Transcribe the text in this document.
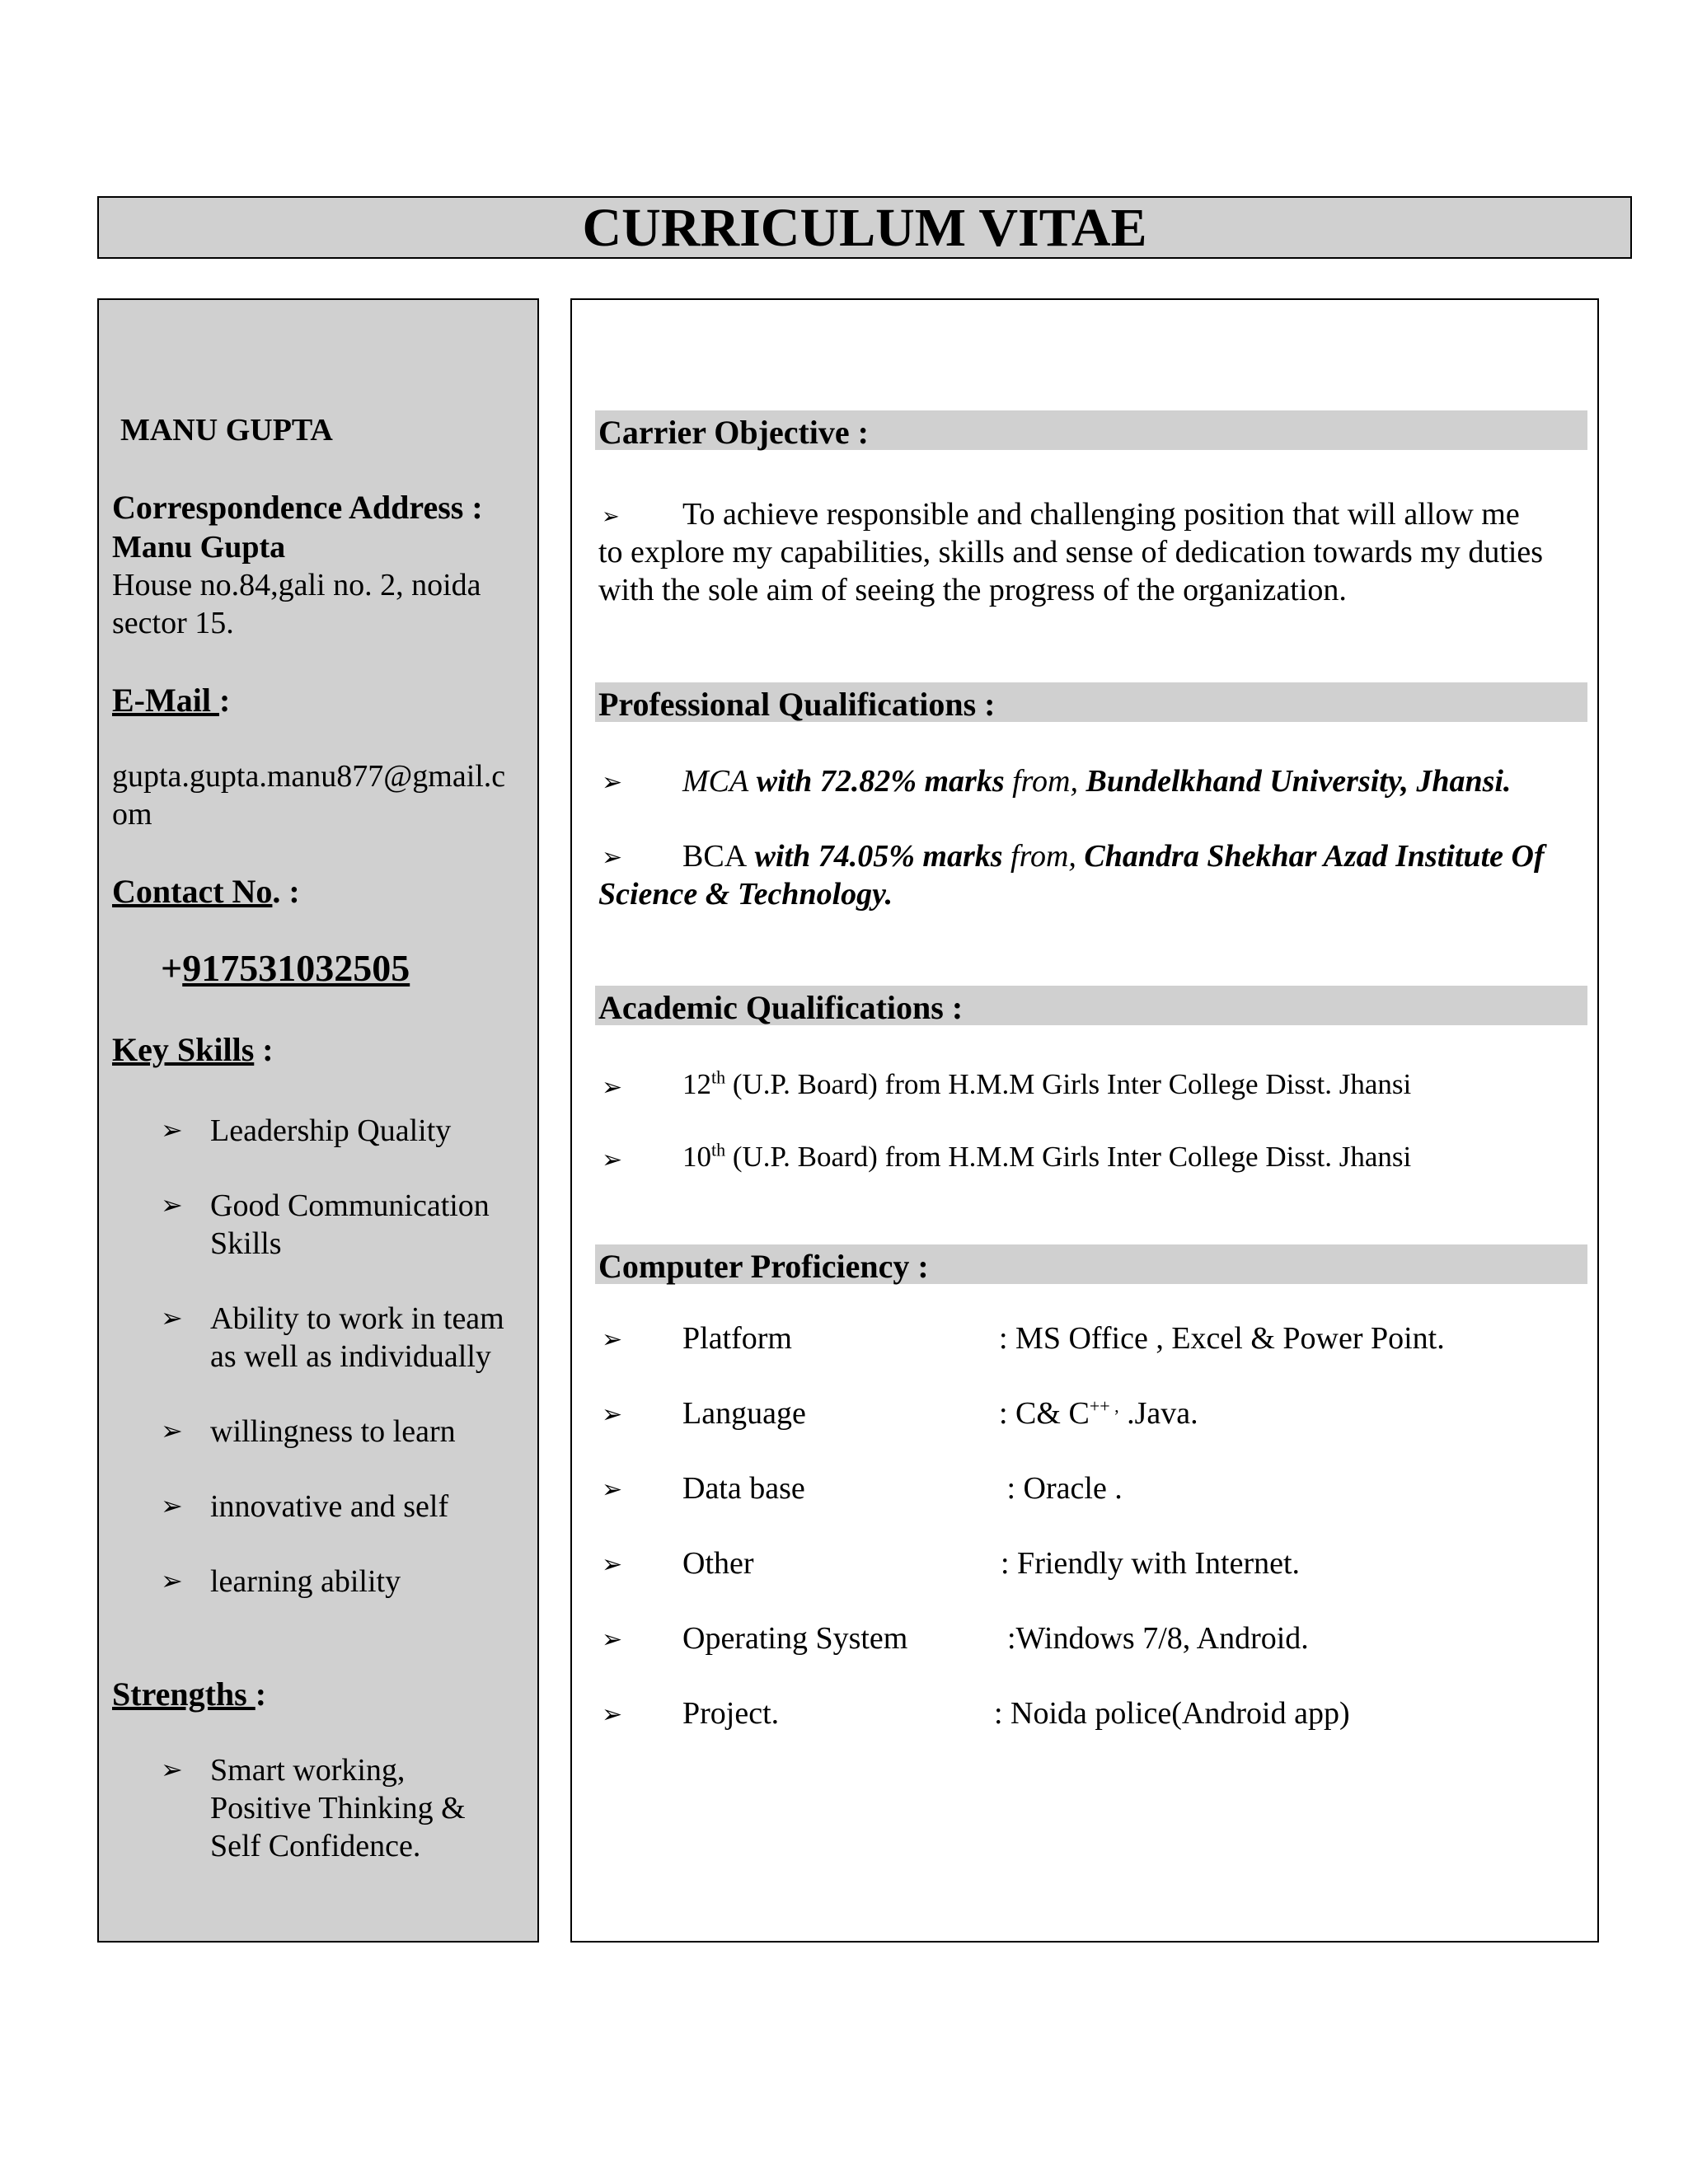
CURRICULUM VITAE
MANU GUPTA
Correspondence Address :
Manu Gupta
House no.84,gali no. 2, noida
sector 15.
E-Mail :
gupta.gupta.manu877@gmail.c
om
Contact No. :
+917531032505
Key Skills :
➢ Leadership Quality
➢ Good Communication
Skills
➢ Ability to work in team
as well as individually
➢ willingness to learn
➢ innovative and self
➢ learning ability
Strengths :
➢ Smart working,
Positive Thinking &
Self Confidence.
Carrier Objective :
➢ To achieve responsible and challenging position that will allow me
to explore my capabilities, skills and sense of dedication towards my duties
with the sole aim of seeing the progress of the organization.
Professional Qualifications :
➢ MCA with 72.82% marks from, Bundelkhand University, Jhansi.
➢ BCA with 74.05% marks from, Chandra Shekhar Azad Institute Of
Science & Technology.
Academic Qualifications :
➢ 12th (U.P. Board) from H.M.M Girls Inter College Disst. Jhansi
➢ 10th (U.P. Board) from H.M.M Girls Inter College Disst. Jhansi
Computer Proficiency :
➢ Platform	: MS Office , Excel & Power Point.
➢ Language	: C& C++ , .Java.
➢ Data base	: Oracle .
➢ Other	: Friendly with Internet.
➢ Operating System	:Windows 7/8, Android.
➢ Project.	: Noida police(Android app)
